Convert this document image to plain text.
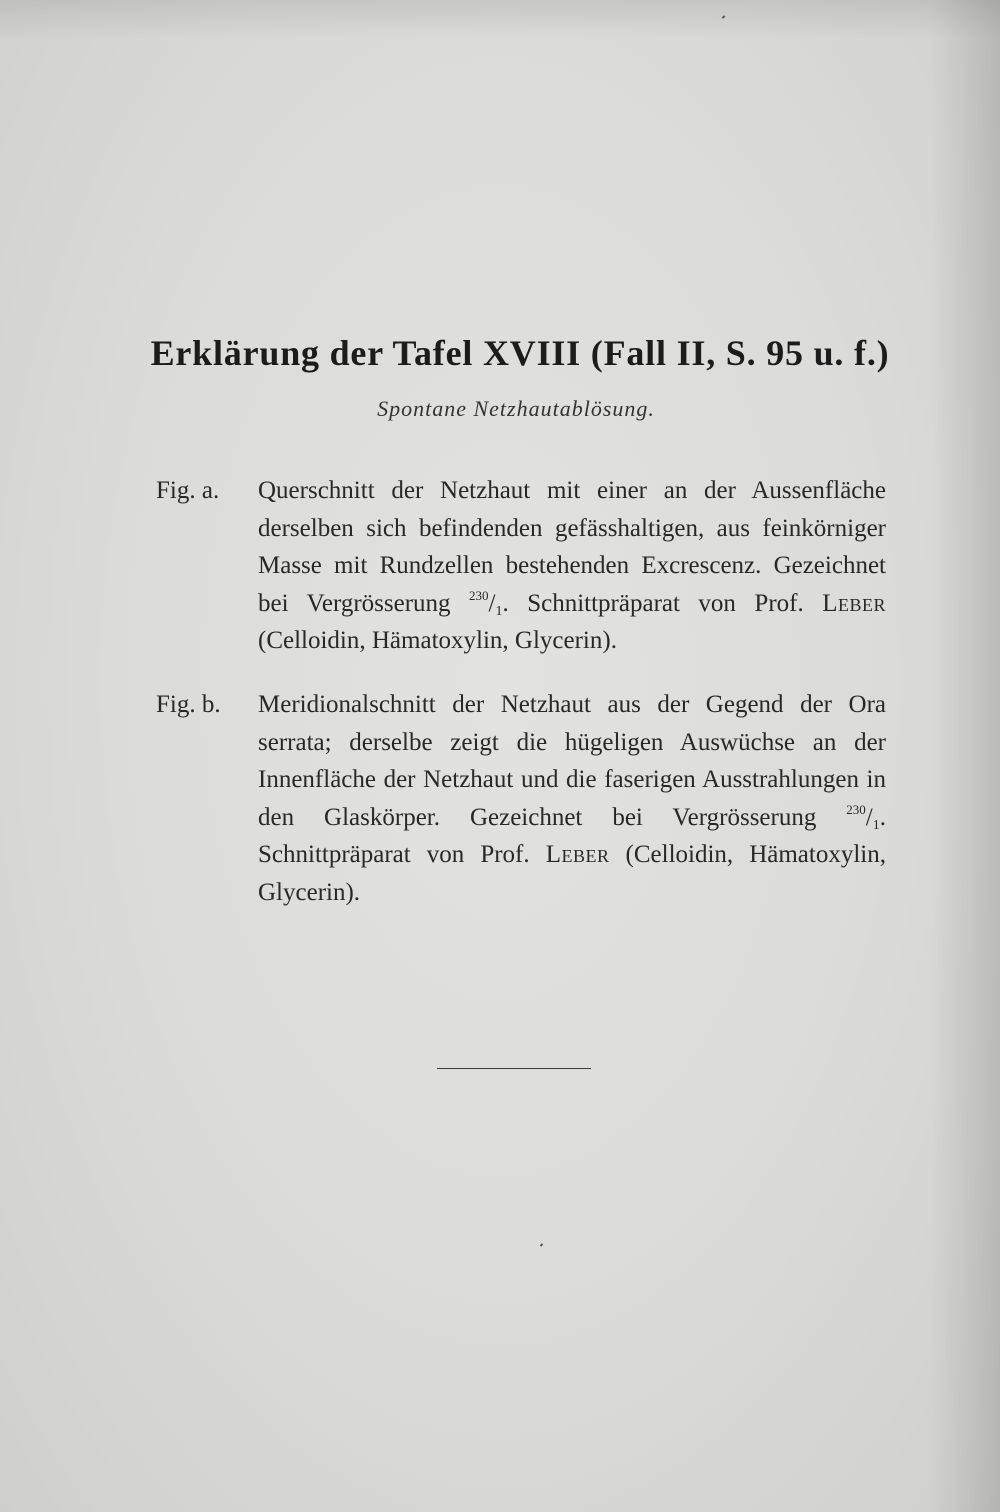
Erklärung der Tafel XVIII (Fall II, S. 95 u. f.)

Spontane Netzhautablösung.

Fig. a.	Querschnitt der Netzhaut mit einer an der Aussenfläche derselben sich befindenden gefässhaltigen, aus feinkörniger Masse mit Rundzellen bestehenden Excrescenz. Gezeichnet bei Vergrösserung $^{230}/_1$. Schnittpräparat von Prof. Leber (Celloidin, Hämatoxylin, Glycerin).
Fig. b.	Meridionalschnitt der Netzhaut aus der Gegend der Ora serrata; derselbe zeigt die hügeligen Auswüchse an der Innenfläche der Netzhaut und die faserigen Ausstrahlungen in den Glaskörper. Gezeichnet bei Vergrösserung $^{230}/_1$. Schnittpräparat von Prof. Leber (Celloidin, Hämatoxylin, Glycerin).
